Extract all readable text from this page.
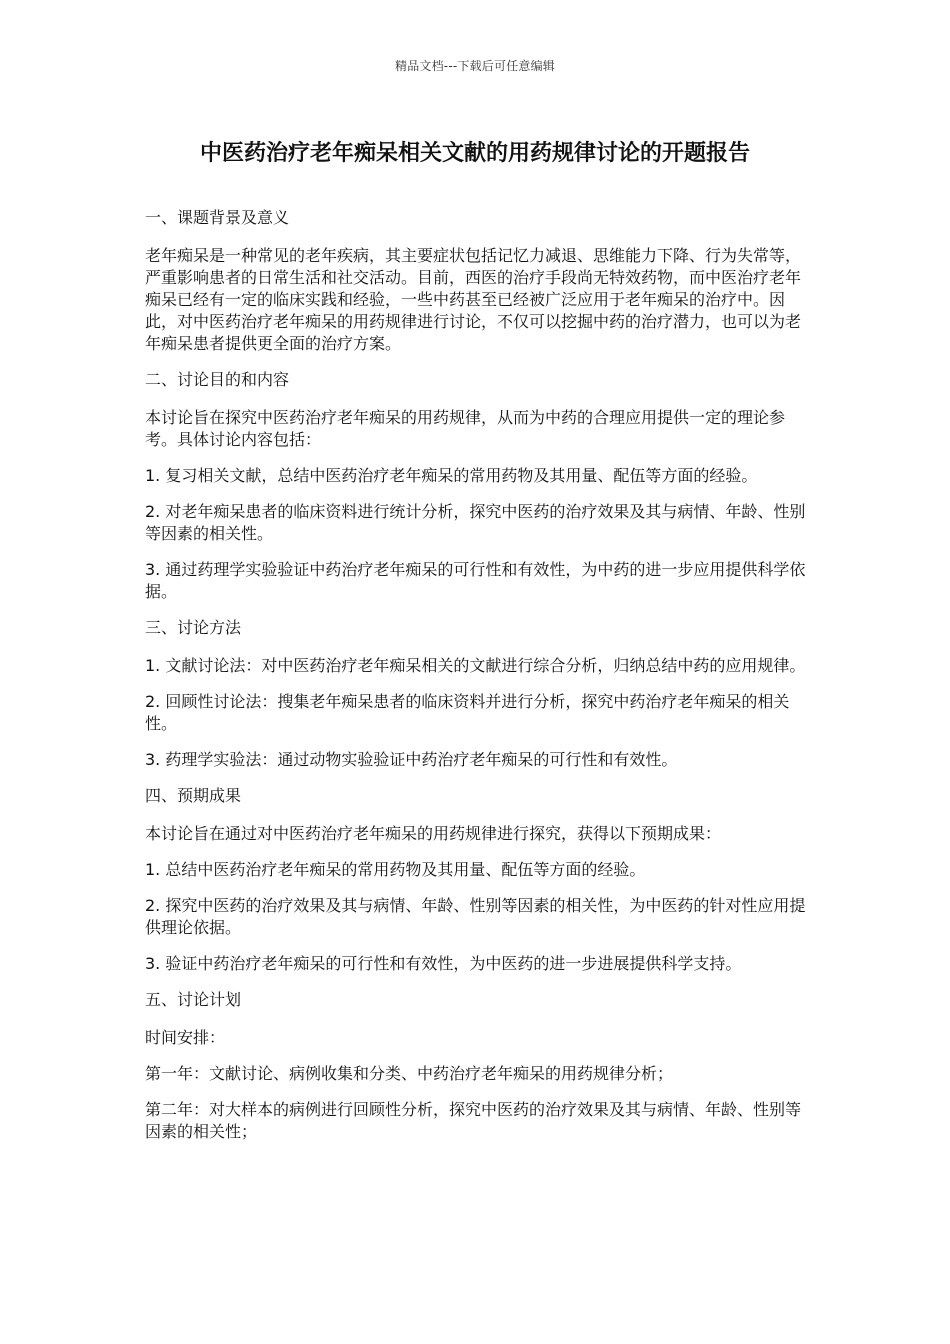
精品文档---下载后可任意编辑
中医药治疗老年痴呆相关文献的用药规律讨论的开题报告

一、课题背景及意义

老年痴呆是一种常见的老年疾病，其主要症状包括记忆力减退、思维能力下降、行为失常等，严重影响患者的日常生活和社交活动。目前，西医的治疗手段尚无特效药物，而中医治疗老年痴呆已经有一定的临床实践和经验，一些中药甚至已经被广泛应用于老年痴呆的治疗中。因此，对中医药治疗老年痴呆的用药规律进行讨论，不仅可以挖掘中药的治疗潜力，也可以为老年痴呆患者提供更全面的治疗方案。

二、讨论目的和内容

本讨论旨在探究中医药治疗老年痴呆的用药规律，从而为中药的合理应用提供一定的理论参考。具体讨论内容包括：

1. 复习相关文献，总结中医药治疗老年痴呆的常用药物及其用量、配伍等方面的经验。

2. 对老年痴呆患者的临床资料进行统计分析，探究中医药的治疗效果及其与病情、年龄、性别等因素的相关性。

3. 通过药理学实验验证中药治疗老年痴呆的可行性和有效性，为中药的进一步应用提供科学依据。

三、讨论方法

1. 文献讨论法：对中医药治疗老年痴呆相关的文献进行综合分析，归纳总结中药的应用规律。

2. 回顾性讨论法：搜集老年痴呆患者的临床资料并进行分析，探究中药治疗老年痴呆的相关性。

3. 药理学实验法：通过动物实验验证中药治疗老年痴呆的可行性和有效性。

四、预期成果

本讨论旨在通过对中医药治疗老年痴呆的用药规律进行探究，获得以下预期成果：

1. 总结中医药治疗老年痴呆的常用药物及其用量、配伍等方面的经验。

2. 探究中医药的治疗效果及其与病情、年龄、性别等因素的相关性，为中医药的针对性应用提供理论依据。

3. 验证中药治疗老年痴呆的可行性和有效性，为中医药的进一步进展提供科学支持。

五、讨论计划

时间安排：

第一年：文献讨论、病例收集和分类、中药治疗老年痴呆的用药规律分析；

第二年：对大样本的病例进行回顾性分析，探究中医药的治疗效果及其与病情、年龄、性别等因素的相关性；
